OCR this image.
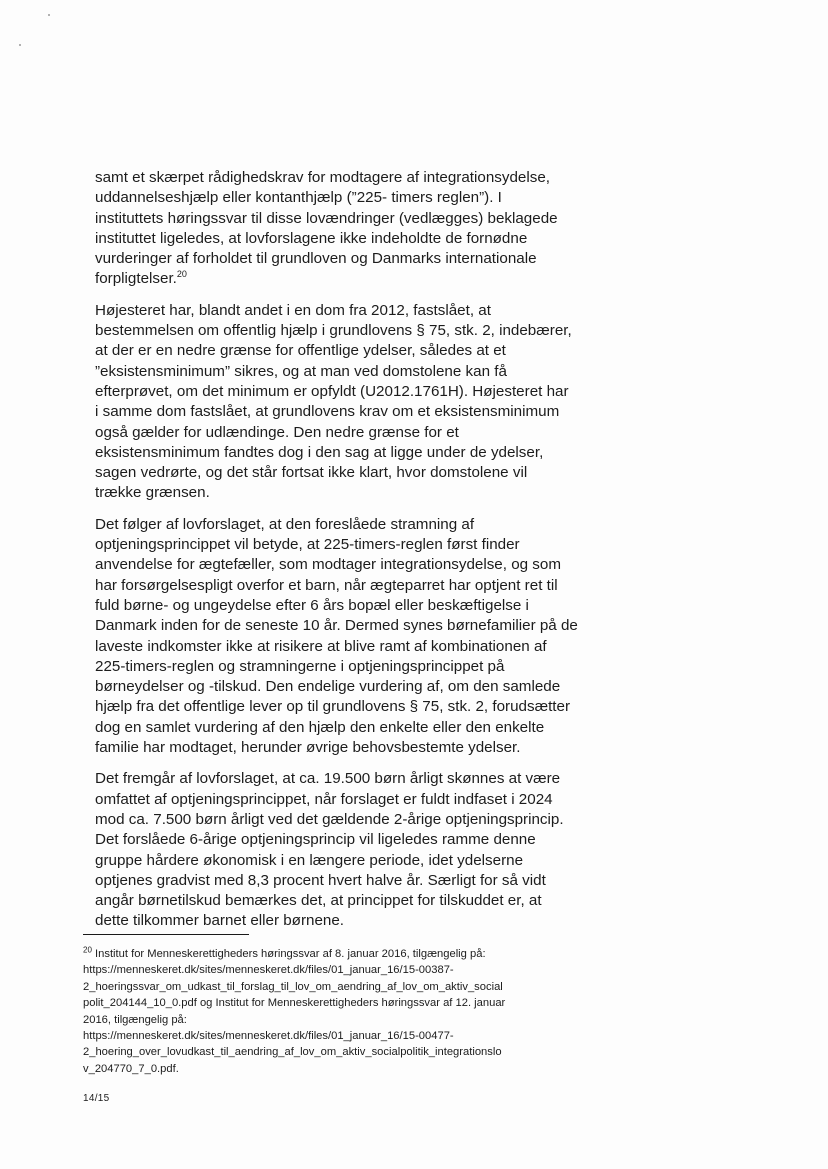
samt et skærpet rådighedskrav for modtagere af integrationsydelse,
uddannelseshjælp eller kontanthjælp (”225- timers reglen”). I
instituttets høringssvar til disse lovændringer (vedlægges) beklagede
instituttet ligeledes, at lovforslagene ikke indeholdte de fornødne
vurderinger af forholdet til grundloven og Danmarks internationale
forpligtelser.$^{20}$

Højesteret har, blandt andet i en dom fra 2012, fastslået, at
bestemmelsen om offentlig hjælp i grundlovens § 75, stk. 2, indebærer,
at der er en nedre grænse for offentlige ydelser, således at et
”eksistensminimum” sikres, og at man ved domstolene kan få
efterprøvet, om det minimum er opfyldt (U2012.1761H). Højesteret har
i samme dom fastslået, at grundlovens krav om et eksistensminimum
også gælder for udlændinge. Den nedre grænse for et
eksistensminimum fandtes dog i den sag at ligge under de ydelser,
sagen vedrørte, og det står fortsat ikke klart, hvor domstolene vil
trække grænsen.

Det følger af lovforslaget, at den foreslåede stramning af
optjeningsprincippet vil betyde, at 225-timers-reglen først finder
anvendelse for ægtefæller, som modtager integrationsydelse, og som
har forsørgelsespligt overfor et barn, når ægteparret har optjent ret til
fuld børne- og ungeydelse efter 6 års bopæl eller beskæftigelse i
Danmark inden for de seneste 10 år. Dermed synes børnefamilier på de
laveste indkomster ikke at risikere at blive ramt af kombinationen af
225-timers-reglen og stramningerne i optjeningsprincippet på
børneydelser og -tilskud. Den endelige vurdering af, om den samlede
hjælp fra det offentlige lever op til grundlovens § 75, stk. 2, forudsætter
dog en samlet vurdering af den hjælp den enkelte eller den enkelte
familie har modtaget, herunder øvrige behovsbestemte ydelser.

Det fremgår af lovforslaget, at ca. 19.500 børn årligt skønnes at være
omfattet af optjeningsprincippet, når forslaget er fuldt indfaset i 2024
mod ca. 7.500 børn årligt ved det gældende 2-årige optjeningsprincip.
Det forslåede 6-årige optjeningsprincip vil ligeledes ramme denne
gruppe hårdere økonomisk i en længere periode, idet ydelserne
optjenes gradvist med 8,3 procent hvert halve år. Særligt for så vidt
angår børnetilskud bemærkes det, at princippet for tilskuddet er, at
dette tilkommer barnet eller børnene.

$^{20}$ Institut for Menneskerettigheders høringssvar af 8. januar 2016, tilgængelig på:
https://menneskeret.dk/sites/menneskeret.dk/files/01_januar_16/15-00387-
2_hoeringssvar_om_udkast_til_forslag_til_lov_om_aendring_af_lov_om_aktiv_social
polit_204144_10_0.pdf og Institut for Menneskerettigheders høringssvar af 12. januar
2016, tilgængelig på:
https://menneskeret.dk/sites/menneskeret.dk/files/01_januar_16/15-00477-
2_hoering_over_lovudkast_til_aendring_af_lov_om_aktiv_socialpolitik_integrationslo
v_204770_7_0.pdf.
14/15
